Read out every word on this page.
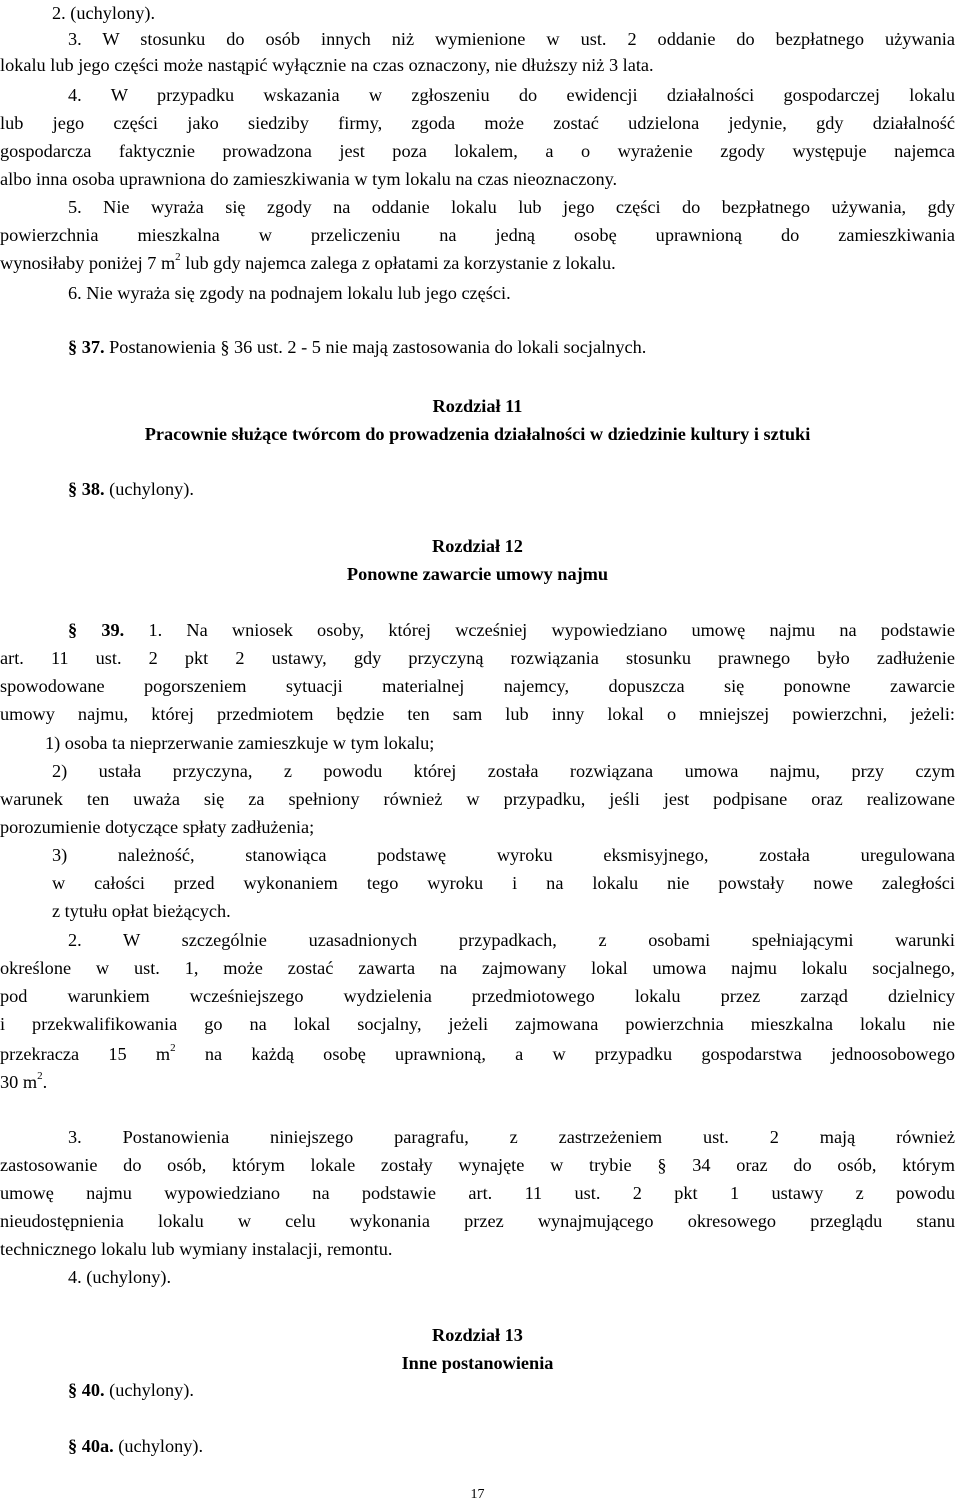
2. (uchylony).
3. W stosunku do osób innych niż wymienione w ust. 2 oddanie do bezpłatnego używania
lokalu lub jego części może nastąpić wyłącznie na czas oznaczony, nie dłuższy niż 3 lata.
4. W przypadku wskazania w zgłoszeniu do ewidencji działalności gospodarczej lokalu
lub jego części jako siedziby firmy, zgoda może zostać udzielona jedynie, gdy działalność
gospodarcza faktycznie prowadzona jest poza lokalem, a o wyrażenie zgody występuje najemca
albo inna osoba uprawniona do zamieszkiwania w tym lokalu na czas nieoznaczony.
5. Nie wyraża się zgody na oddanie lokalu lub jego części do bezpłatnego używania, gdy
powierzchnia mieszkalna w przeliczeniu na jedną osobę uprawnioną do zamieszkiwania
wynosiłaby poniżej 7 $m^2$ lub gdy najemca zalega z opłatami za korzystanie z lokalu.
6. Nie wyraża się zgody na podnajem lokalu lub jego części.
§ 37. Postanowienia § 36 ust. 2 - 5 nie mają zastosowania do lokali socjalnych.
Rozdział 11
Pracownie służące twórcom do prowadzenia działalności w dziedzinie kultury i sztuki
§ 38. (uchylony).
Rozdział 12
Ponowne zawarcie umowy najmu
§ 39. 1. Na wniosek osoby, której wcześniej wypowiedziano umowę najmu na podstawie
art. 11 ust. 2 pkt 2 ustawy, gdy przyczyną rozwiązania stosunku prawnego było zadłużenie
spowodowane pogorszeniem sytuacji materialnej najemcy, dopuszcza się ponowne zawarcie
umowy najmu, której przedmiotem będzie ten sam lub inny lokal o mniejszej powierzchni, jeżeli:
1) osoba ta nieprzerwanie zamieszkuje w tym lokalu;
2) ustała przyczyna, z powodu której została rozwiązana umowa najmu, przy czym
warunek ten uważa się za spełniony również w przypadku, jeśli jest podpisane oraz realizowane
porozumienie dotyczące spłaty zadłużenia;
3) należność, stanowiąca podstawę wyroku eksmisyjnego, została uregulowana
w całości przed wykonaniem tego wyroku i na lokalu nie powstały nowe zaległości
z tytułu opłat bieżących.
2. W szczególnie uzasadnionych przypadkach, z osobami spełniającymi warunki
określone w ust. 1, może zostać zawarta na zajmowany lokal umowa najmu lokalu socjalnego,
pod warunkiem wcześniejszego wydzielenia przedmiotowego lokalu przez zarząd dzielnicy
i przekwalifikowania go na lokal socjalny, jeżeli zajmowana powierzchnia mieszkalna lokalu nie
przekracza 15 $m^2$ na każdą osobę uprawnioną, a w przypadku gospodarstwa jednoosobowego
30 $m^2$.
3. Postanowienia niniejszego paragrafu, z zastrzeżeniem ust. 2 mają również
zastosowanie do osób, którym lokale zostały wynajęte w trybie § 34 oraz do osób, którym
umowę najmu wypowiedziano na podstawie art. 11 ust. 2 pkt 1 ustawy z powodu
nieudostępnienia lokalu w celu wykonania przez wynajmującego okresowego przeglądu stanu
technicznego lokalu lub wymiany instalacji, remontu.
4. (uchylony).
Rozdział 13
Inne postanowienia
§ 40. (uchylony).
§ 40a. (uchylony).
17
